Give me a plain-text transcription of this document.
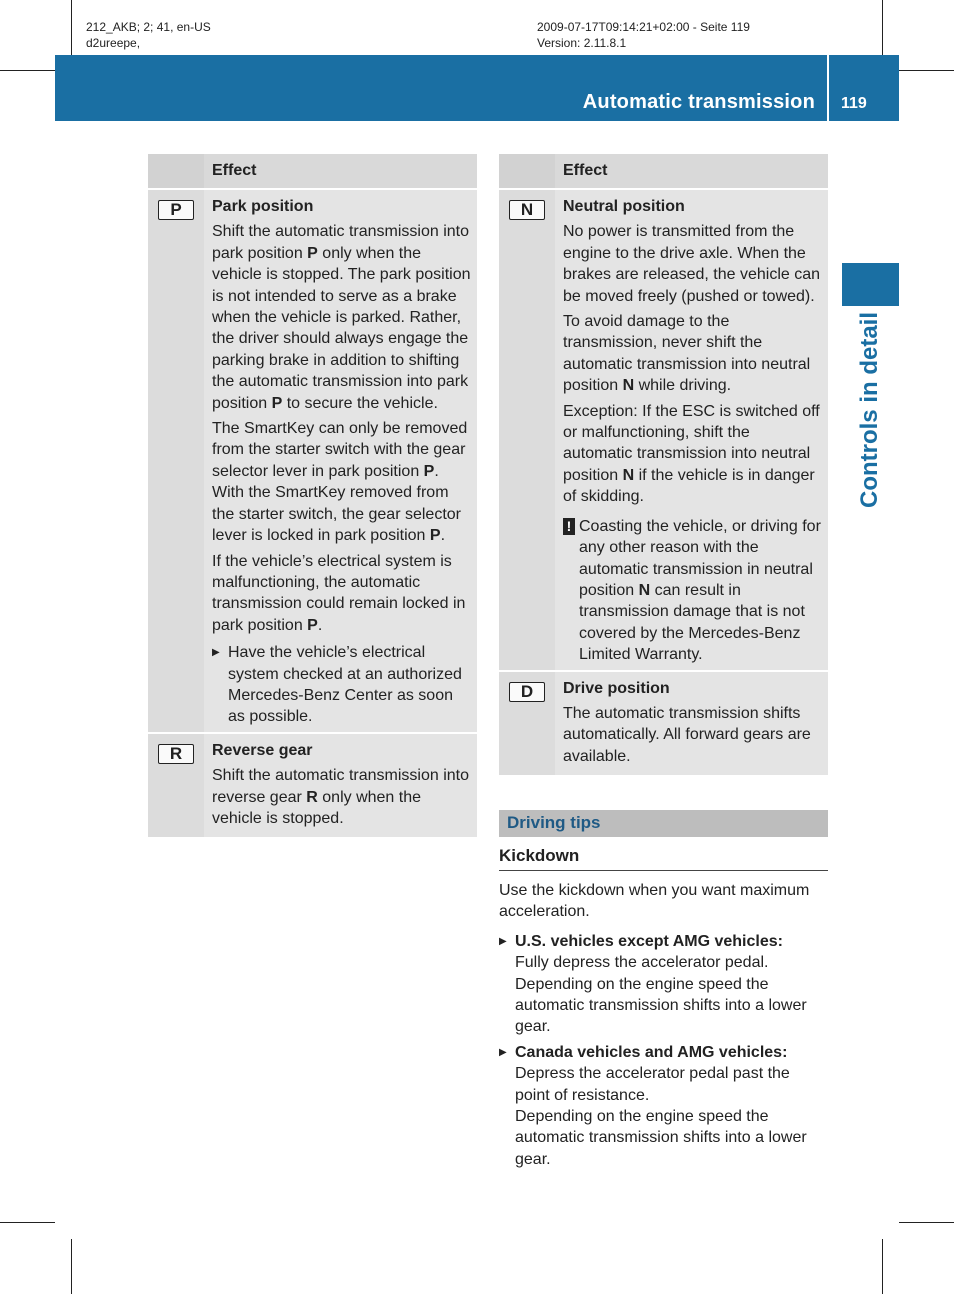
212_AKB; 2; 41, en-US
d2ureepe,
2009-07-17T09:14:21+02:00 - Seite 119
Version: 2.11.8.1
Automatic transmission 119
Controls in detail
Effect
P	Park position

Shift the automatic transmission into park position P only when the vehicle is stopped. The park position is not intended to serve as a brake when the vehicle is parked. Rather, the driver should always engage the parking brake in addition to shifting the automatic transmission into park position P to secure the vehicle.

The SmartKey can only be removed from the starter switch with the gear selector lever in park position P. With the SmartKey removed from the starter switch, the gear selector lever is locked in park position P.

If the vehicle’s electrical system is malfunctioning, the automatic transmission could remain locked in park position P.

▶ Have the vehicle’s electrical system checked at an authorized Mercedes-Benz Center as soon as possible.
R	Reverse gear

Shift the automatic transmission into reverse gear R only when the vehicle is stopped.

Effect
N	Neutral position

No power is transmitted from the engine to the drive axle. When the brakes are released, the vehicle can be moved freely (pushed or towed).

To avoid damage to the transmission, never shift the automatic transmission into neutral position N while driving.

Exception: If the ESC is switched off or malfunctioning, shift the automatic transmission into neutral position N if the vehicle is in danger of skidding.

! Coasting the vehicle, or driving for any other reason with the automatic transmission in neutral position N can result in transmission damage that is not covered by the Mercedes-Benz Limited Warranty.
D	Drive position

The automatic transmission shifts automatically. All forward gears are available.

Driving tips
Kickdown

Use the kickdown when you want maximum acceleration.

▶ U.S. vehicles except AMG vehicles:
Fully depress the accelerator pedal.
Depending on the engine speed the automatic transmission shifts into a lower gear.
▶ Canada vehicles and AMG vehicles:
Depress the accelerator pedal past the point of resistance.
Depending on the engine speed the automatic transmission shifts into a lower gear.
